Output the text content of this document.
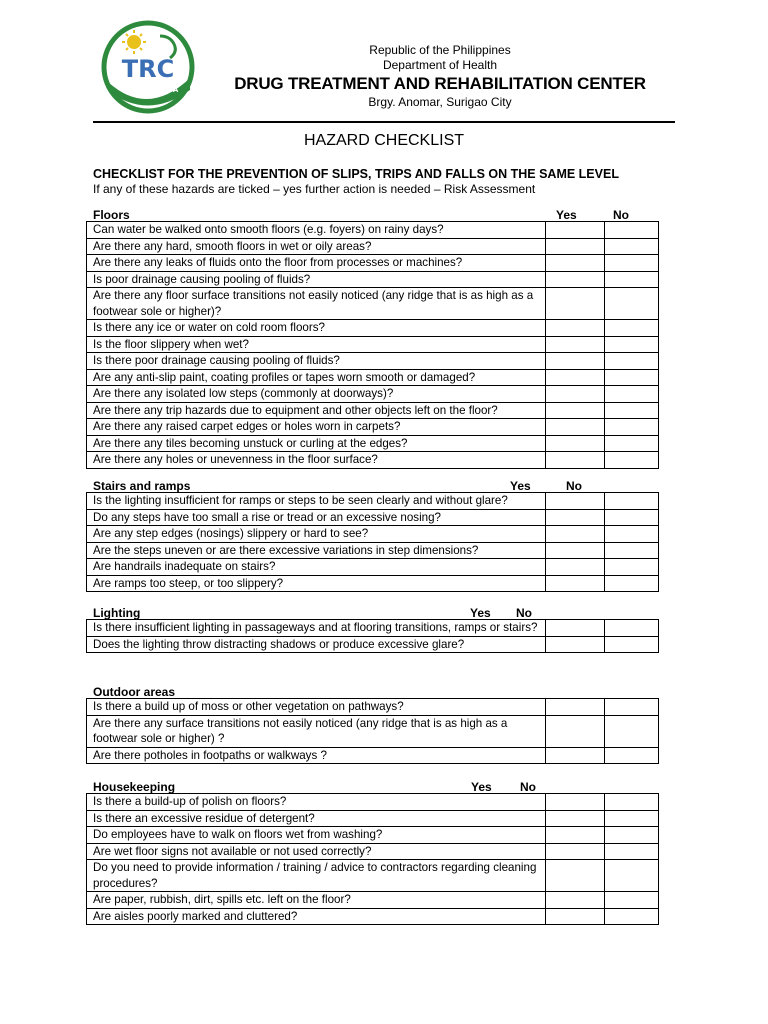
TRC
CARAGA
Republic of the Philippines
Department of Health
DRUG TREATMENT AND REHABILITATION CENTER
Brgy. Anomar, Surigao City
HAZARD CHECKLIST
CHECKLIST FOR THE PREVENTION OF SLIPS, TRIPS AND FALLS ON THE SAME LEVEL
If any of these hazards are ticked – yes further action is needed – Risk Assessment
Floors	Yes	No
Can water be walked onto smooth floors (e.g. foyers) on rainy days?		
Are there any hard, smooth floors in wet or oily areas?		
Are there any leaks of fluids onto the floor from processes or machines?		
Is poor drainage causing pooling of fluids?		
Are there any floor surface transitions not easily noticed (any ridge that is as high as a footwear sole or higher)?		
Is there any ice or water on cold room floors?		
Is the floor slippery when wet?		
Is there poor drainage causing pooling of fluids?		
Are any anti-slip paint, coating profiles or tapes worn smooth or damaged?		
Are there any isolated low steps (commonly at doorways)?		
Are there any trip hazards due to equipment and other objects left on the floor?		
Are there any raised carpet edges or holes worn in carpets?		
Are there any tiles becoming unstuck or curling at the edges?		
Are there any holes or unevenness in the floor surface?		
Stairs and ramps	Yes	No
Is the lighting insufficient for ramps or steps to be seen clearly and without glare?		
Do any steps have too small a rise or tread or an excessive nosing?		
Are any step edges (nosings) slippery or hard to see?		
Are the steps uneven or are there excessive variations in step dimensions?		
Are handrails inadequate on stairs?		
Are ramps too steep, or too slippery?		
Lighting	Yes No
Is there insufficient lighting in passageways and at flooring transitions, ramps or stairs?		
Does the lighting throw distracting shadows or produce excessive glare?		
Outdoor areas
Is there a build up of moss or other vegetation on pathways?		
Are there any surface transitions not easily noticed (any ridge that is as high as a footwear sole or higher) ?		
Are there potholes in footpaths or walkways ?		
Housekeeping	Yes No
Is there a build-up of polish on floors?		
Is there an excessive residue of detergent?		
Do employees have to walk on floors wet from washing?		
Are wet floor signs not available or not used correctly?		
Do you need to provide information / training / advice to contractors regarding cleaning procedures?		
Are paper, rubbish, dirt, spills etc. left on the floor?		
Are aisles poorly marked and cluttered?		
